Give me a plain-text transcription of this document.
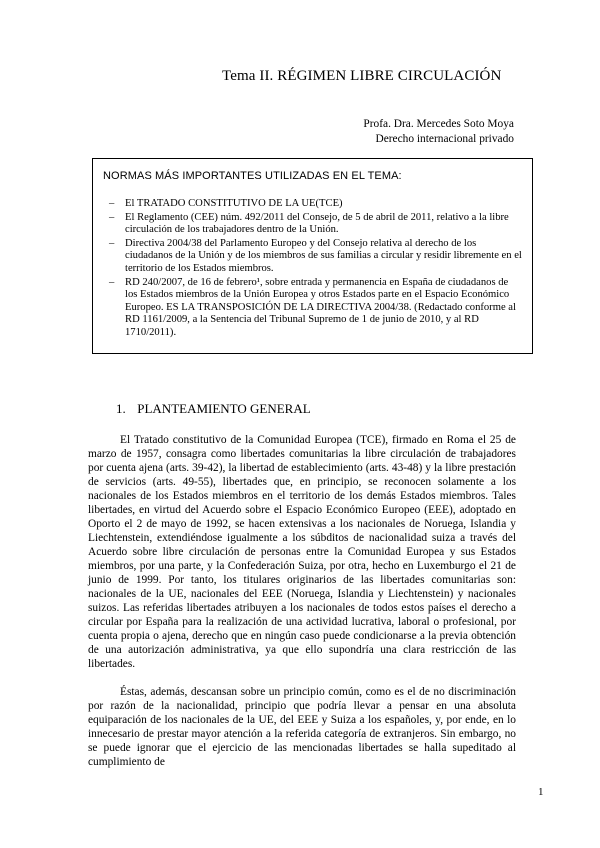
Tema II. RÉGIMEN LIBRE CIRCULACIÓN
Profa. Dra. Mercedes Soto Moya
Derecho internacional privado
NORMAS MÁS IMPORTANTES UTILIZADAS EN EL TEMA:
– El TRATADO CONSTITUTIVO DE LA UE(TCE)
– El Reglamento (CEE) núm. 492/2011 del Consejo, de 5 de abril de 2011, relativo a la libre circulación de los trabajadores dentro de la Unión.
– Directiva 2004/38 del Parlamento Europeo y del Consejo relativa al derecho de los ciudadanos de la Unión y de los miembros de sus familias a circular y residir libremente en el territorio de los Estados miembros.
– RD 240/2007, de 16 de febrero¹, sobre entrada y permanencia en España de ciudadanos de los Estados miembros de la Unión Europea y otros Estados parte en el Espacio Económico Europeo. ES LA TRANSPOSICIÓN DE LA DIRECTIVA 2004/38. (Redactado conforme al RD 1161/2009, a la Sentencia del Tribunal Supremo de 1 de junio de 2010, y al RD 1710/2011).
1. PLANTEAMIENTO GENERAL

El Tratado constitutivo de la Comunidad Europea (TCE), firmado en Roma el 25 de marzo de 1957, consagra como libertades comunitarias la libre circulación de trabajadores por cuenta ajena (arts. 39-42), la libertad de establecimiento (arts. 43-48) y la libre prestación de servicios (arts. 49-55), libertades que, en principio, se reconocen solamente a los nacionales de los Estados miembros en el territorio de los demás Estados miembros. Tales libertades, en virtud del Acuerdo sobre el Espacio Económico Europeo (EEE), adoptado en Oporto el 2 de mayo de 1992, se hacen extensivas a los nacionales de Noruega, Islandia y Liechtenstein, extendiéndose igualmente a los súbditos de nacionalidad suiza a través del Acuerdo sobre libre circulación de personas entre la Comunidad Europea y sus Estados miembros, por una parte, y la Confederación Suiza, por otra, hecho en Luxemburgo el 21 de junio de 1999. Por tanto, los titulares originarios de las libertades comunitarias son: nacionales de la UE, nacionales del EEE (Noruega, Islandia y Liechtenstein) y nacionales suizos. Las referidas libertades atribuyen a los nacionales de todos estos países el derecho a circular por España para la realización de una actividad lucrativa, laboral o profesional, por cuenta propia o ajena, derecho que en ningún caso puede condicionarse a la previa obtención de una autorización administrativa, ya que ello supondría una clara restricción de las libertades.

Éstas, además, descansan sobre un principio común, como es el de no discriminación por razón de la nacionalidad, principio que podría llevar a pensar en una absoluta equiparación de los nacionales de la UE, del EEE y Suiza a los españoles, y, por ende, en lo innecesario de prestar mayor atención a la referida categoría de extranjeros. Sin embargo, no se puede ignorar que el ejercicio de las mencionadas libertades se halla supeditado al cumplimiento de

1
